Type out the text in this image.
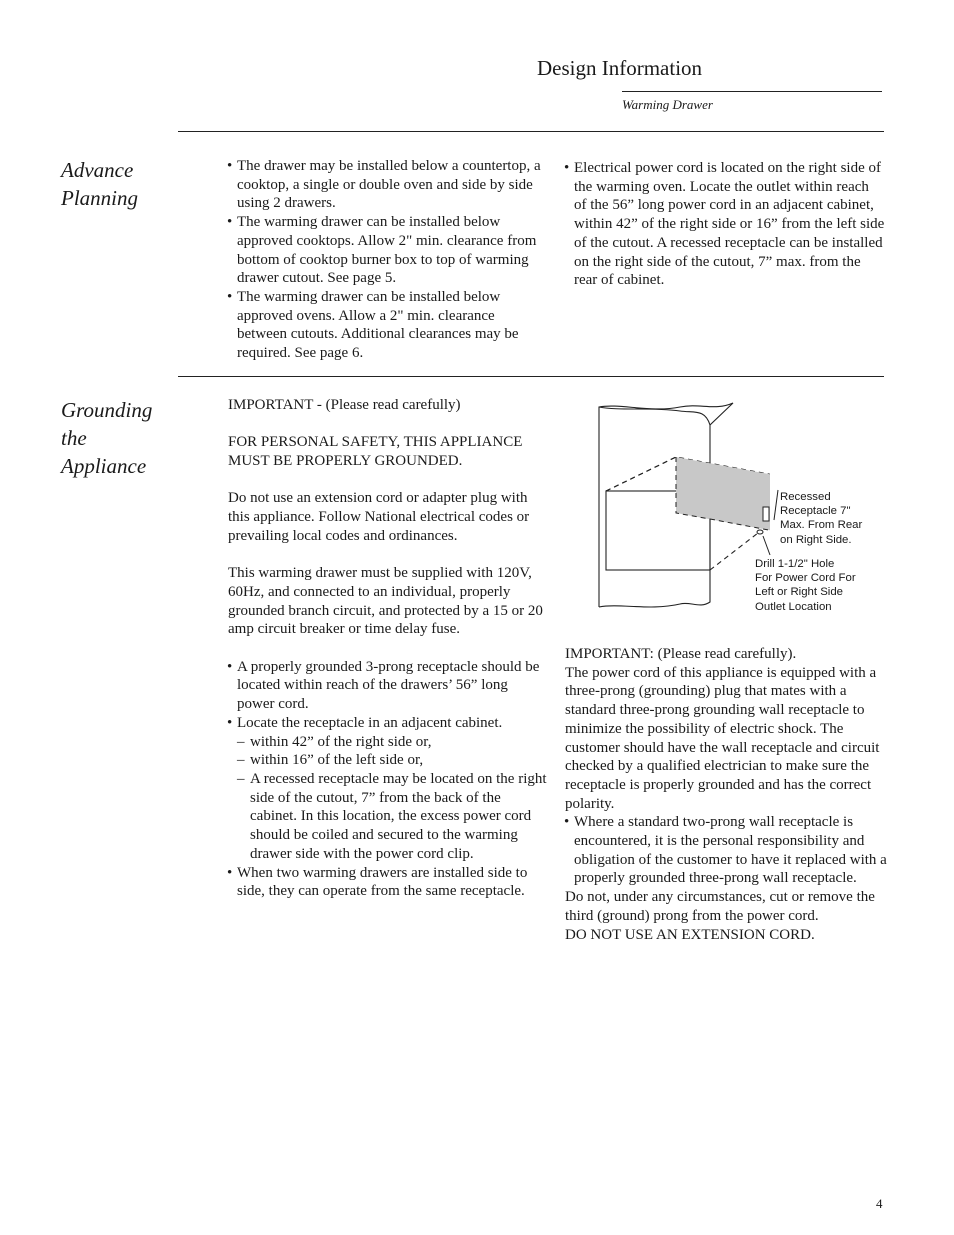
Design Information
Warming Drawer
Advance
Planning
• The drawer may be installed below a countertop, a cooktop, a single or double oven and side by side using 2 drawers.
• The warming drawer can be installed below approved cooktops. Allow 2" min. clearance from bottom of cooktop burner box to top of warming drawer cutout. See page 5.
• The warming drawer can be installed below approved ovens. Allow a 2" min. clearance between cutouts. Additional clearances may be required. See page 6.
• Electrical power cord is located on the right side of the warming oven. Locate the outlet within reach of the 56” long power cord in an adjacent cabinet, within 42” of the right side or 16” from the left side of the cutout. A recessed receptacle can be installed on the right side of the cutout, 7” max. from the rear of cabinet.
Grounding
the
Appliance

IMPORTANT - (Please read carefully)

FOR PERSONAL SAFETY, THIS APPLIANCE MUST BE PROPERLY GROUNDED.

Do not use an extension cord or adapter plug with this appliance. Follow National electrical codes or prevailing local codes and ordinances.

This warming drawer must be supplied with 120V, 60Hz, and connected to an individual, properly grounded branch circuit, and protected by a 15 or 20 amp circuit breaker or time delay fuse.

• A properly grounded 3-prong receptacle should be located within reach of the drawers’ 56” long power cord.
• Locate the receptacle in an adjacent cabinet.
– within 42” of the right side or,
– within 16” of the left side or,
– A recessed receptacle may be located on the right side of the cutout, 7” from the back of the cabinet. In this location, the excess power cord should be coiled and secured to the warming drawer side with the power cord clip.
• When two warming drawers are installed side to side, they can operate from the same receptacle.
Recessed
Receptacle 7"
Max. From Rear
on Right Side.
Drill 1-1/2" Hole
For Power Cord For
Left or Right Side
Outlet Location

IMPORTANT: (Please read carefully).

The power cord of this appliance is equipped with a three-prong (grounding) plug that mates with a standard three-prong grounding wall receptacle to minimize the possibility of electric shock. The customer should have the wall receptacle and circuit checked by a qualified electrician to make sure the receptacle is properly grounded and has the correct polarity.

• Where a standard two-prong wall receptacle is encountered, it is the personal responsibility and obligation of the customer to have it replaced with a properly grounded three-prong wall receptacle.

Do not, under any circumstances, cut or remove the third (ground) prong from the power cord.

DO NOT USE AN EXTENSION CORD.

4
